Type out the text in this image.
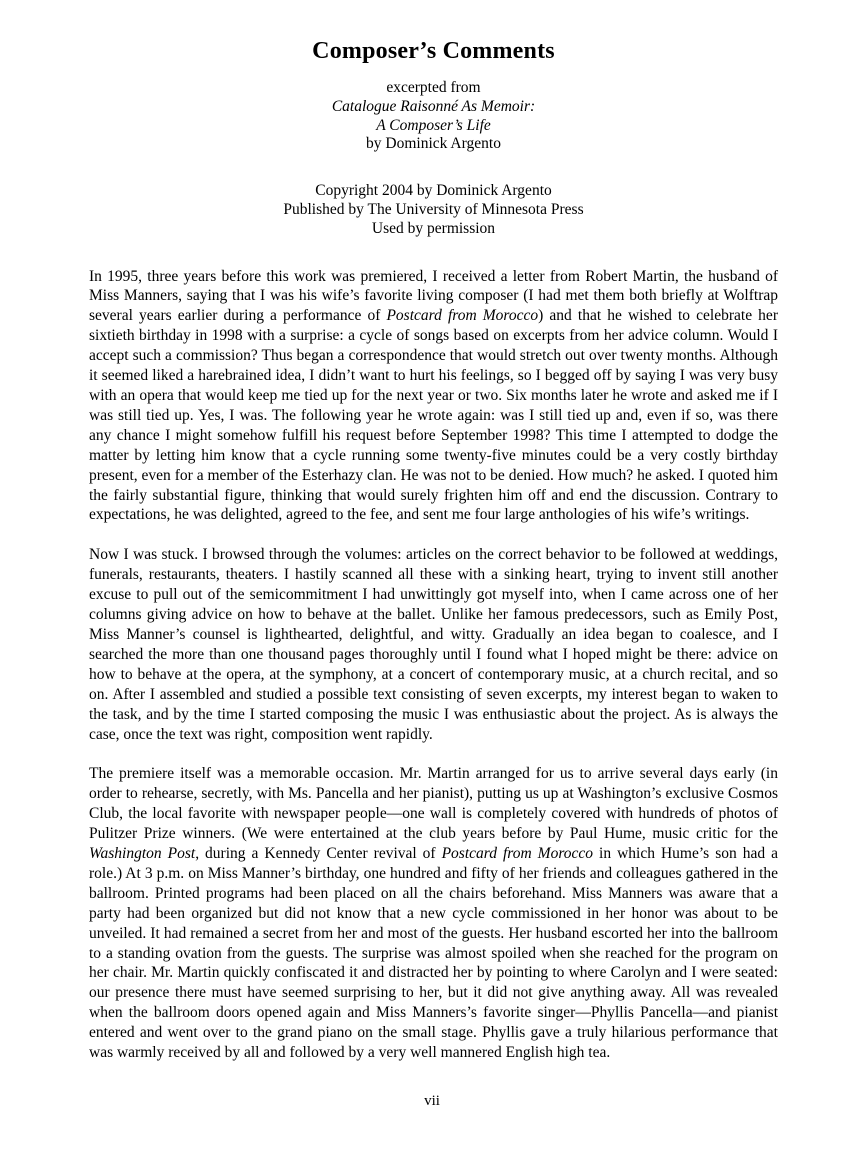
Composer’s Comments
excerpted from
Catalogue Raisonné As Memoir:
A Composer’s Life
by Dominick Argento
Copyright 2004 by Dominick Argento
Published by The University of Minnesota Press
Used by permission

In 1995, three years before this work was premiered, I received a letter from Robert Martin, the husband of Miss Manners, saying that I was his wife’s favorite living composer (I had met them both briefly at Wolftrap several years earlier during a performance of Postcard from Morocco) and that he wished to celebrate her sixtieth birthday in 1998 with a surprise: a cycle of songs based on excerpts from her advice column. Would I accept such a commission? Thus began a correspondence that would stretch out over twenty months. Although it seemed liked a harebrained idea, I didn’t want to hurt his feelings, so I begged off by saying I was very busy with an opera that would keep me tied up for the next year or two. Six months later he wrote and asked me if I was still tied up. Yes, I was. The following year he wrote again: was I still tied up and, even if so, was there any chance I might somehow fulfill his request before September 1998? This time I attempted to dodge the matter by letting him know that a cycle running some twenty-five minutes could be a very costly birthday present, even for a member of the Esterhazy clan. He was not to be denied. How much? he asked. I quoted him the fairly substantial figure, thinking that would surely frighten him off and end the discussion. Contrary to expectations, he was delighted, agreed to the fee, and sent me four large anthologies of his wife’s writings.

Now I was stuck. I browsed through the volumes: articles on the correct behavior to be followed at weddings, funerals, restaurants, theaters. I hastily scanned all these with a sinking heart, trying to invent still another excuse to pull out of the semicommitment I had unwittingly got myself into, when I came across one of her columns giving advice on how to behave at the ballet. Unlike her famous predecessors, such as Emily Post, Miss Manner’s counsel is lighthearted, delightful, and witty. Gradually an idea began to coalesce, and I searched the more than one thousand pages thoroughly until I found what I hoped might be there: advice on how to behave at the opera, at the symphony, at a concert of contemporary music, at a church recital, and so on. After I assembled and studied a possible text consisting of seven excerpts, my interest began to waken to the task, and by the time I started composing the music I was enthusiastic about the project. As is always the case, once the text was right, composition went rapidly.

The premiere itself was a memorable occasion. Mr. Martin arranged for us to arrive several days early (in order to rehearse, secretly, with Ms. Pancella and her pianist), putting us up at Washington’s exclusive Cosmos Club, the local favorite with newspaper people—one wall is completely covered with hundreds of photos of Pulitzer Prize winners. (We were entertained at the club years before by Paul Hume, music critic for the Washington Post, during a Kennedy Center revival of Postcard from Morocco in which Hume’s son had a role.) At 3 p.m. on Miss Manner’s birthday, one hundred and fifty of her friends and colleagues gathered in the ballroom. Printed programs had been placed on all the chairs beforehand. Miss Manners was aware that a party had been organized but did not know that a new cycle commissioned in her honor was about to be unveiled. It had remained a secret from her and most of the guests. Her husband escorted her into the ballroom to a standing ovation from the guests. The surprise was almost spoiled when she reached for the program on her chair. Mr. Martin quickly confiscated it and distracted her by pointing to where Carolyn and I were seated: our presence there must have seemed surprising to her, but it did not give anything away. All was revealed when the ballroom doors opened again and Miss Manners’s favorite singer—Phyllis Pancella—and pianist entered and went over to the grand piano on the small stage. Phyllis gave a truly hilarious performance that was warmly received by all and followed by a very well mannered English high tea.

vii
